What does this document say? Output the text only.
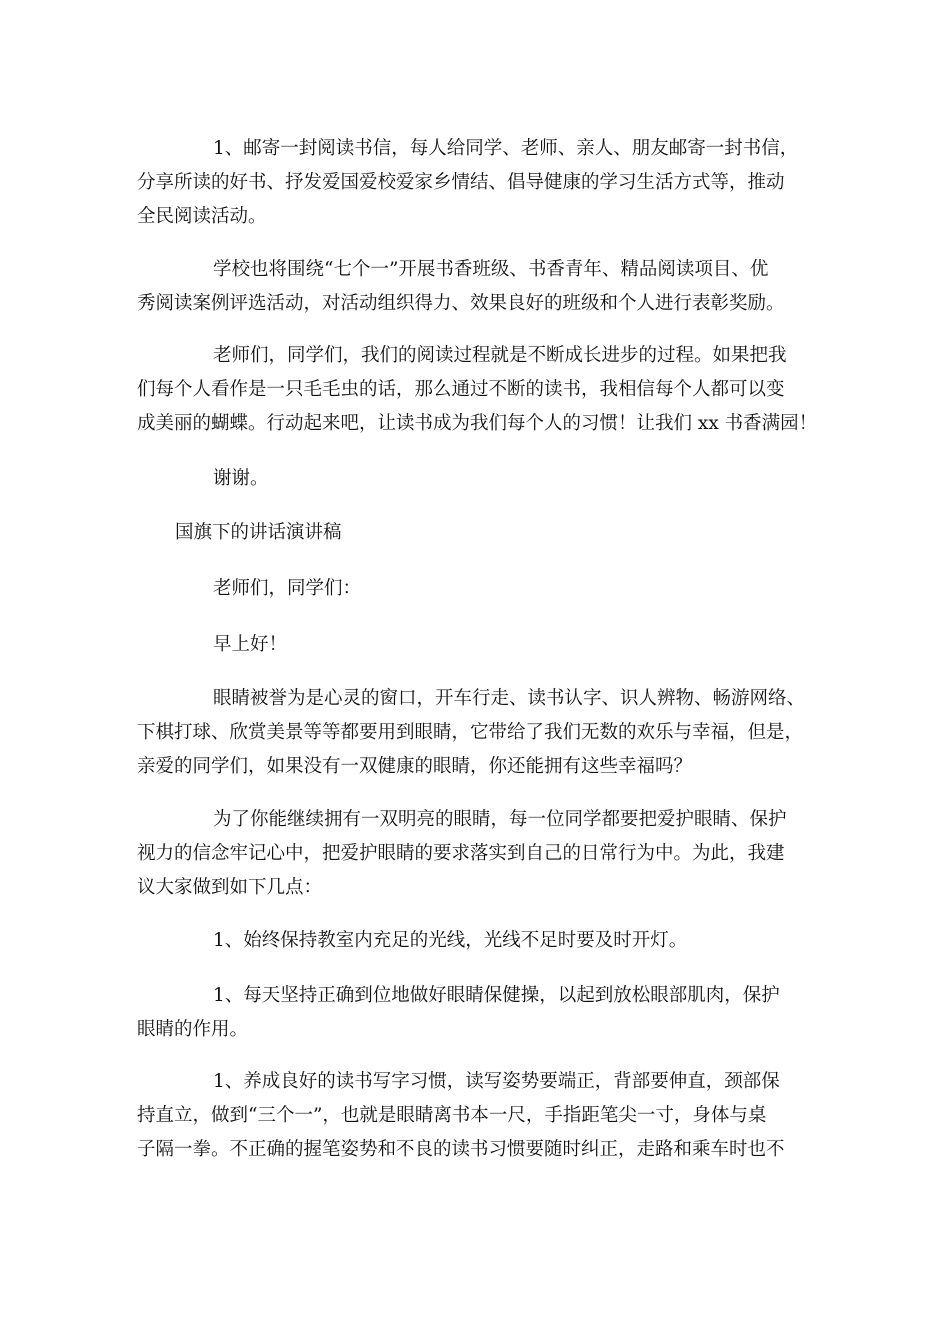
1、邮寄一封阅读书信，每人给同学、老师、亲人、朋友邮寄一封书信，

分享所读的好书、抒发爱国爱校爱家乡情结、倡导健康的学习生活方式等，推动

全民阅读活动。

学校也将围绕“七个一”开展书香班级、书香青年、精品阅读项目、优

秀阅读案例评选活动，对活动组织得力、效果良好的班级和个人进行表彰奖励。

老师们，同学们，我们的阅读过程就是不断成长进步的过程。如果把我

们每个人看作是一只毛毛虫的话，那么通过不断的读书，我相信每个人都可以变

成美丽的蝴蝶。行动起来吧，让读书成为我们每个人的习惯！让我们 xx 书香满园！

谢谢。

国旗下的讲话演讲稿

老师们，同学们：

早上好！

眼睛被誉为是心灵的窗口，开车行走、读书认字、识人辨物、畅游网络、

下棋打球、欣赏美景等等都要用到眼睛，它带给了我们无数的欢乐与幸福，但是，

亲爱的同学们，如果没有一双健康的眼睛，你还能拥有这些幸福吗？

为了你能继续拥有一双明亮的眼睛，每一位同学都要把爱护眼睛、保护

视力的信念牢记心中，把爱护眼睛的要求落实到自己的日常行为中。为此，我建

议大家做到如下几点：

1、始终保持教室内充足的光线，光线不足时要及时开灯。

1、每天坚持正确到位地做好眼睛保健操，以起到放松眼部肌肉，保护

眼睛的作用。

1、养成良好的读书写字习惯，读写姿势要端正，背部要伸直，颈部保

持直立，做到“三个一”，也就是眼睛离书本一尺，手指距笔尖一寸，身体与桌

子隔一拳。不正确的握笔姿势和不良的读书习惯要随时纠正，走路和乘车时也不
